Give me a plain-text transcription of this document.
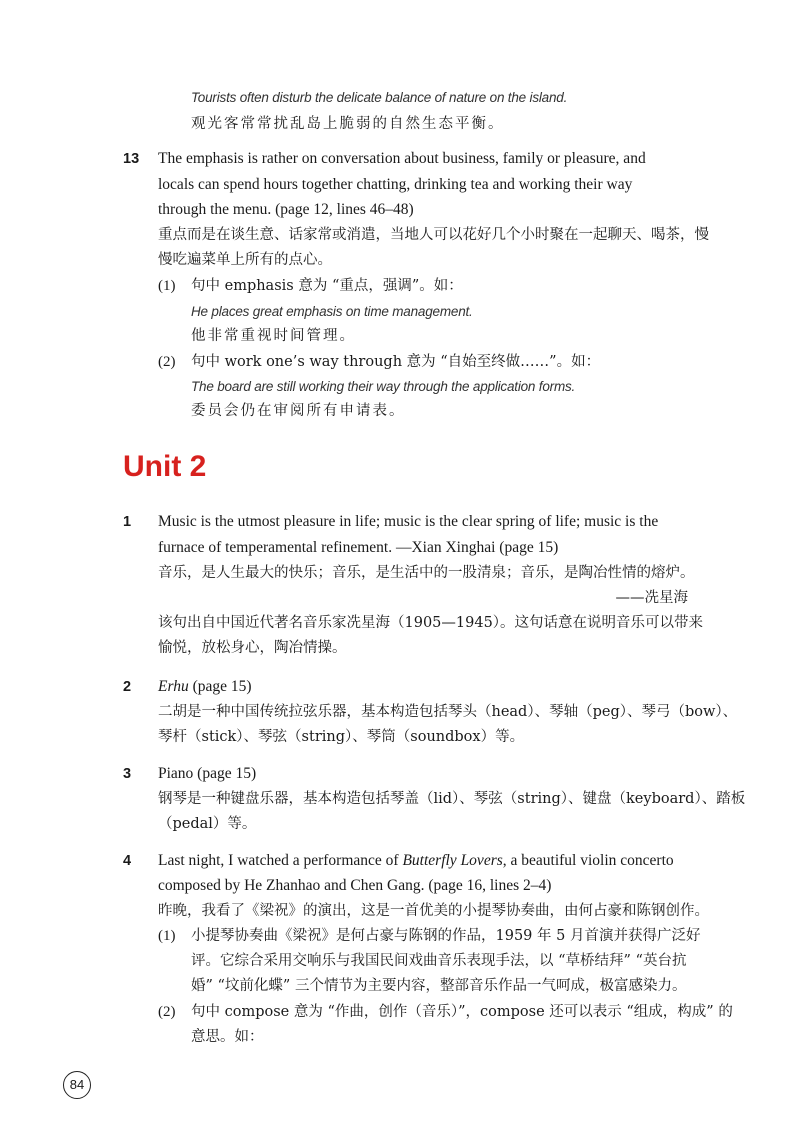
Tourists often disturb the delicate balance of nature on the island.
观光客常常扰乱岛上脆弱的自然生态平衡。
13 The emphasis is rather on conversation about business, family or pleasure, and
locals can spend hours together chatting, drinking tea and working their way
through the menu. (page 12, lines 46–48)
重点而是在谈生意、话家常或消遣，当地人可以花好几个小时聚在一起聊天、喝茶，慢
慢吃遍菜单上所有的点心。
(1) 句中 emphasis 意为 “重点，强调”。如：
He places great emphasis on time management.
他非常重视时间管理。
(2) 句中 work one’s way through 意为 “自始至终做……”。如：
The board are still working their way through the application forms.
委员会仍在审阅所有申请表。
Unit 2
1 Music is the utmost pleasure in life; music is the clear spring of life; music is the
furnace of temperamental refinement. —Xian Xinghai (page 15)
音乐，是人生最大的快乐；音乐，是生活中的一股清泉；音乐，是陶冶性情的熔炉。
——冼星海
该句出自中国近代著名音乐家冼星海（1905—1945）。这句话意在说明音乐可以带来
愉悦，放松身心，陶冶情操。
2 Erhu (page 15)
二胡是一种中国传统拉弦乐器，基本构造包括琴头（head）、琴轴（peg）、琴弓（bow）、
琴杆（stick）、琴弦（string）、琴筒（soundbox）等。
3 Piano (page 15)
钢琴是一种键盘乐器，基本构造包括琴盖（lid）、琴弦（string）、键盘（keyboard）、踏板
（pedal）等。
4 Last night, I watched a performance of Butterfly Lovers, a beautiful violin concerto
composed by He Zhanhao and Chen Gang. (page 16, lines 2–4)
昨晚，我看了《梁祝》的演出，这是一首优美的小提琴协奏曲，由何占豪和陈钢创作。
(1) 小提琴协奏曲《梁祝》是何占豪与陈钢的作品，1959 年 5 月首演并获得广泛好
评。它综合采用交响乐与我国民间戏曲音乐表现手法，以 “草桥结拜” “英台抗
婚” “坟前化蝶” 三个情节为主要内容，整部音乐作品一气呵成，极富感染力。
(2) 句中 compose 意为 “作曲，创作（音乐）”，compose 还可以表示 “组成，构成” 的
意思。如：
84
